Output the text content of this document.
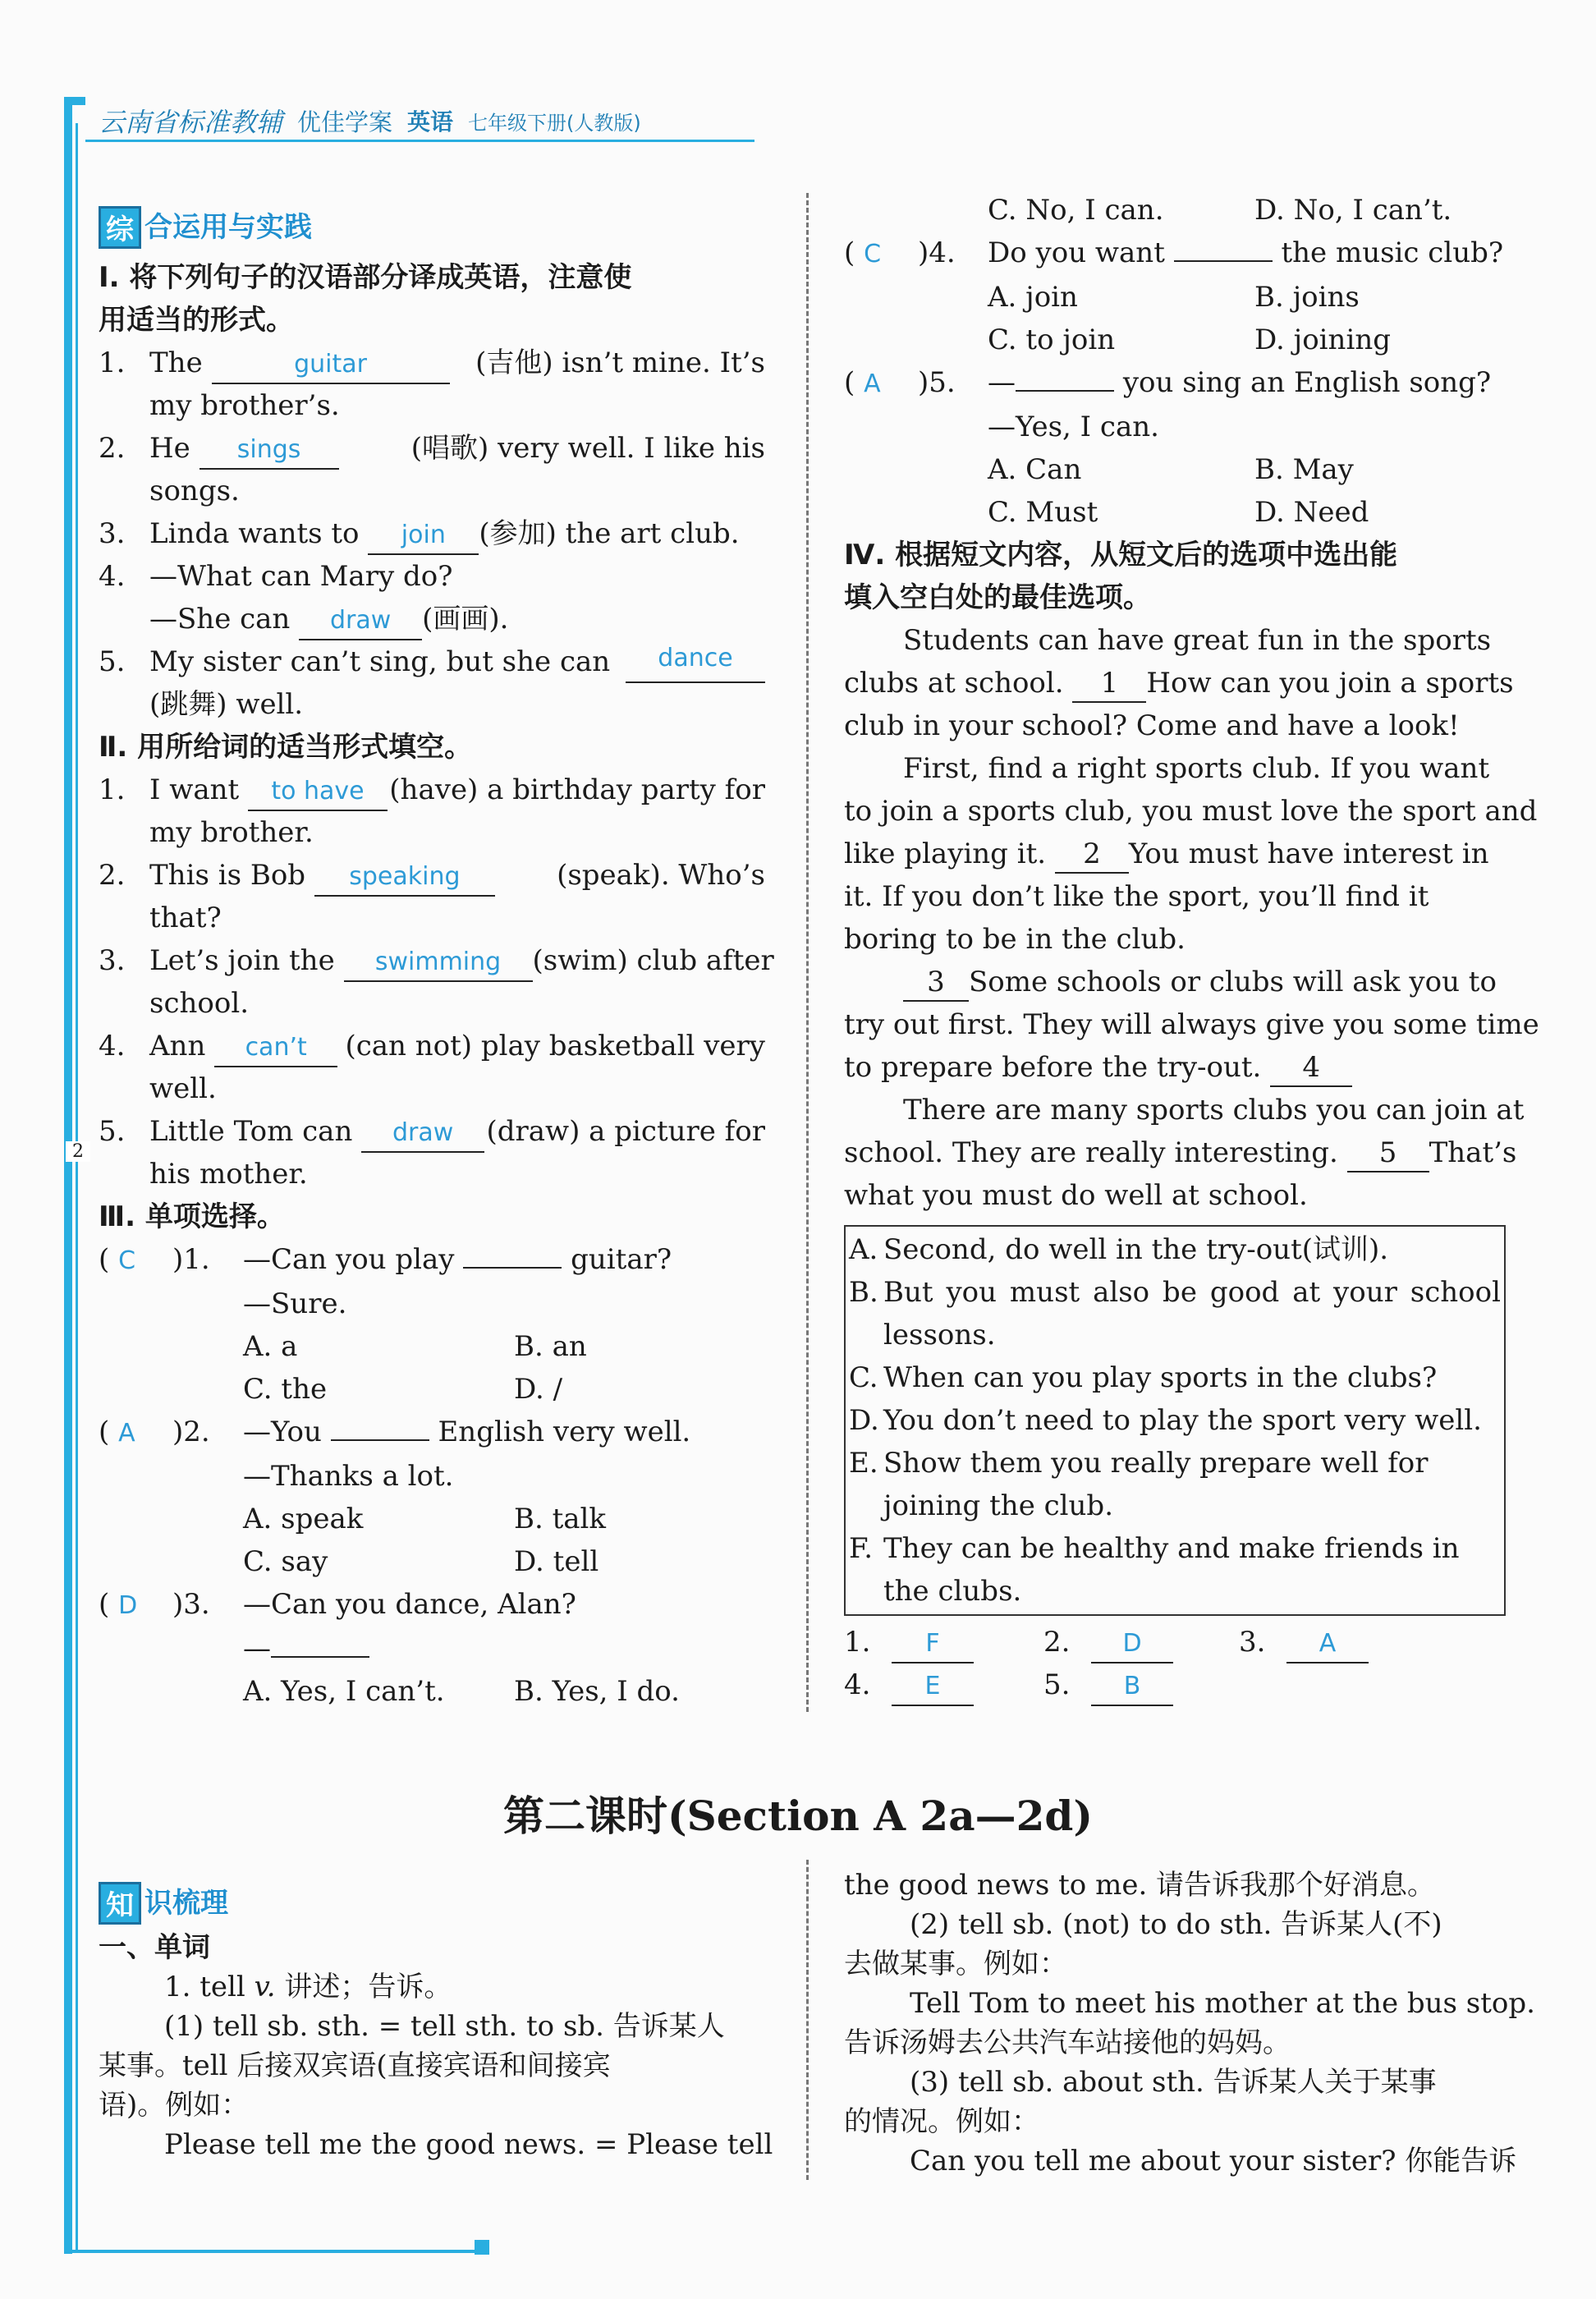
云南省标准教辅 优佳学案 英语 七年级下册(人教版)
2
综 合运用与实践
Ⅰ. 将下列句子的汉语部分译成英语，注意使
用适当的形式。
1. The	guitar	(吉他) isn’t mine. It’s
my brother’s.
2. He sings	(唱歌) very well. I like his
songs.
3. Linda wants to join (参加) the art club.
4. —What can Mary do?
—She can draw (画画).
5. My sister can’t sing, but she can	dance
(跳舞) well.
Ⅱ. 用所给词的适当形式填空。
1. I want to have (have) a birthday party for
my brother.
2. This is Bob speaking	(speak). Who’s
that?
3. Let’s join the swimming	(swim) club after
school.
4. Ann can’t	(can not) play basketball very
well.
5. Little Tom can draw	(draw) a picture for
his mother.
Ⅲ. 单项选择。
( C )1. —Can you play	guitar?
—Sure.
A. a	B. an
C. the	D. /
( A )2. —You	English very well.
—Thanks a lot.
A. speak	B. talk
C. say	D. tell
( D )3. —Can you dance, Alan?
—
A. Yes, I can’t. B. Yes, I do.
C. No, I can.	D. No, I can’t.
( C )4. Do you want	the music club?
A. join	B. joins
C. to join	D. joining
( A )5. —	you sing an English song?
—Yes, I can.
A. Can	B. May
C. Must	D. Need
Ⅳ. 根据短文内容，从短文后的选项中选出能
填入空白处的最佳选项。
Students can have great fun in the sports
clubs at school. 1 How can you join a sports
club in your school? Come and have a look!
First, find a right sports club. If you want
to join a sports club, you must love the sport and
like playing it. 2 You must have interest in
it. If you don’t like the sport, you’ll find it
boring to be in the club.
3 Some schools or clubs will ask you to
try out first. They will always give you some time
to prepare before the try-out. 4
There are many sports clubs you can join at
school. They are really interesting. 5 That’s
what you must do well at school.
A. Second, do well in the try-out(试训).
B. But you must also be good at your school lessons.
C. When can you play sports in the clubs?
D. You don’t need to play the sport very well.
E. Show them you really prepare well for joining the club.
F. They can be healthy and make friends in the clubs.
1. F	2. D	3. A
4. E	5. B
第二课时(Section A 2a—2d)
知 识梳理
一、单词
1. tell v. 讲述；告诉。
(1) tell sb. sth. = tell sth. to sb. 告诉某人
某事。tell 后接双宾语(直接宾语和间接宾
语)。例如：
Please tell me the good news. = Please tell
the good news to me. 请告诉我那个好消息。
(2) tell sb. (not) to do sth. 告诉某人(不)
去做某事。例如：
Tell Tom to meet his mother at the bus stop.
告诉汤姆去公共汽车站接他的妈妈。
(3) tell sb. about sth. 告诉某人关于某事
的情况。例如：
Can you tell me about your sister? 你能告诉
